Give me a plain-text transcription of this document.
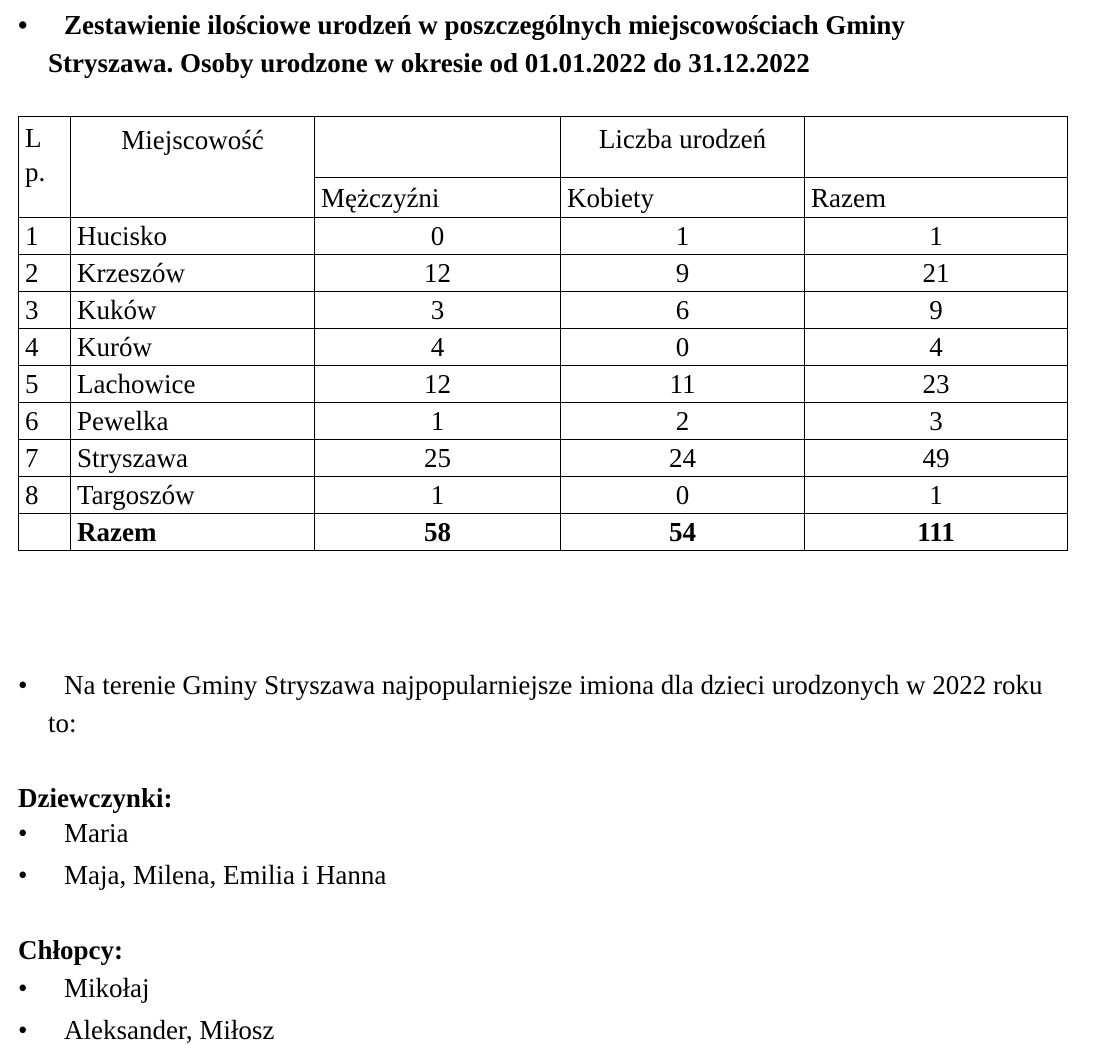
•	Zestawienie ilościowe urodzeń w poszczególnych miejscowościach Gminy
Stryszawa. Osoby urodzone w okresie od 01.01.2022 do 31.12.2022
L p.	Miejscowość		Liczba urodzeń	
		Mężczyźni	Kobiety	Razem
1	Hucisko	0	1	1
2	Krzeszów	12	9	21
3	Kuków	3	6	9
4	Kurów	4	0	4
5	Lachowice	12	11	23
6	Pewelka	1	2	3
7	Stryszawa	25	24	49
8	Targoszów	1	0	1
	Razem	58	54	111
•	Na terenie Gminy Stryszawa najpopularniejsze imiona dla dzieci urodzonych w 2022 roku
to:
Dziewczynki:
•	Maria
•	Maja, Milena, Emilia i Hanna
Chłopcy:
•	Mikołaj
•	Aleksander, Miłosz
